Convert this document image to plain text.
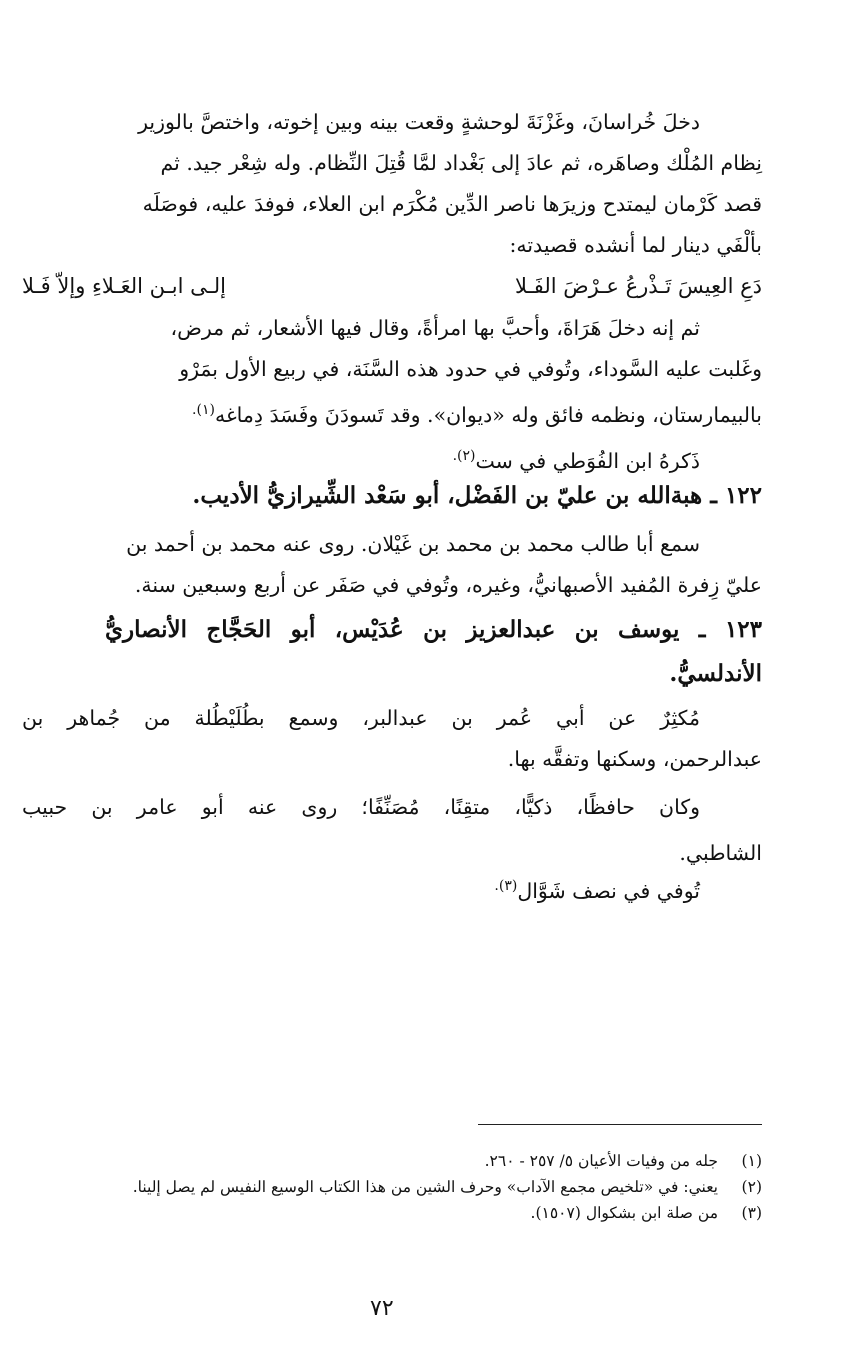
دخلَ خُراسانَ، وغَزْنَةَ لوحشةٍ وقعت بينه وبين إخوته، واختصَّ بالوزير
نِظام المُلْك وصاهَره، ثم عادَ إلى بَغْداد لمَّا قُتِلَ النِّظام. وله شِعْر جيد. ثم
قصد كَرْمان ليمتدح وزيرَها ناصر الدِّين مُكْرَم ابن العلاء، فوفدَ عليه، فوصَلَه
بألْفَي دينار لما أنشده قصيدته:
دَعِ العِيسَ تَـذْرعُ عـرْضَ الفَـلا
إلـى ابـن العَـلاءِ وإلاّ فَـلا
ثم إنه دخلَ هَرَاةَ، وأحبَّ بها امرأةً، وقال فيها الأشعار، ثم مرض،
وغَلبت عليه السَّوداء، وتُوفي في حدود هذه السَّنَة، في ربيع الأول بمَرْو
بالبيمارستان، ونظمه فائق وله «ديوان». وقد تَسودَنَ وفَسَدَ دِماغه$^{(١).}$
ذَكرهُ ابن الفُوَطي في ست$^{(٢).}$
١٢٢ ـ هبةالله بن عليّ بن الفَضْل، أبو سَعْد الشِّيرازيُّ الأديب.
سمع أبا طالب محمد بن محمد بن غَيْلان. روى عنه محمد بن أحمد بن
عليّ زِفرة المُفيد الأصبهانيُّ، وغيره، وتُوفي في صَفَر عن أربع وسبعين سنة.
١٢٣ ـ يوسف بن عبدالعزيز بن عُدَيْس، أبو الحَجَّاج الأنصاريُّ
الأندلسيُّ.
مُكثِرٌ عن أبي عُمر بن عبدالبر، وسمع بطُلَيْطُلة من جُماهر بن
عبدالرحمن، وسكنها وتفقَّه بها.
وكان حافظًا، ذكيًّا، متقِنًا، مُصَنِّفًا؛ روى عنه أبو عامر بن حبيب
الشاطبي.
تُوفي في نصف شَوَّال$^{(٣).}$
(١)
جله من وفيات الأعيان ٥/ ٢٥٧ - ٢٦٠.
(٢)
يعني: في «تلخيص مجمع الآداب» وحرف الشين من هذا الكتاب الوسيع النفيس لم يصل إلينا.
(٣)
من صلة ابن بشكوال (١٥٠٧).
٧٢
